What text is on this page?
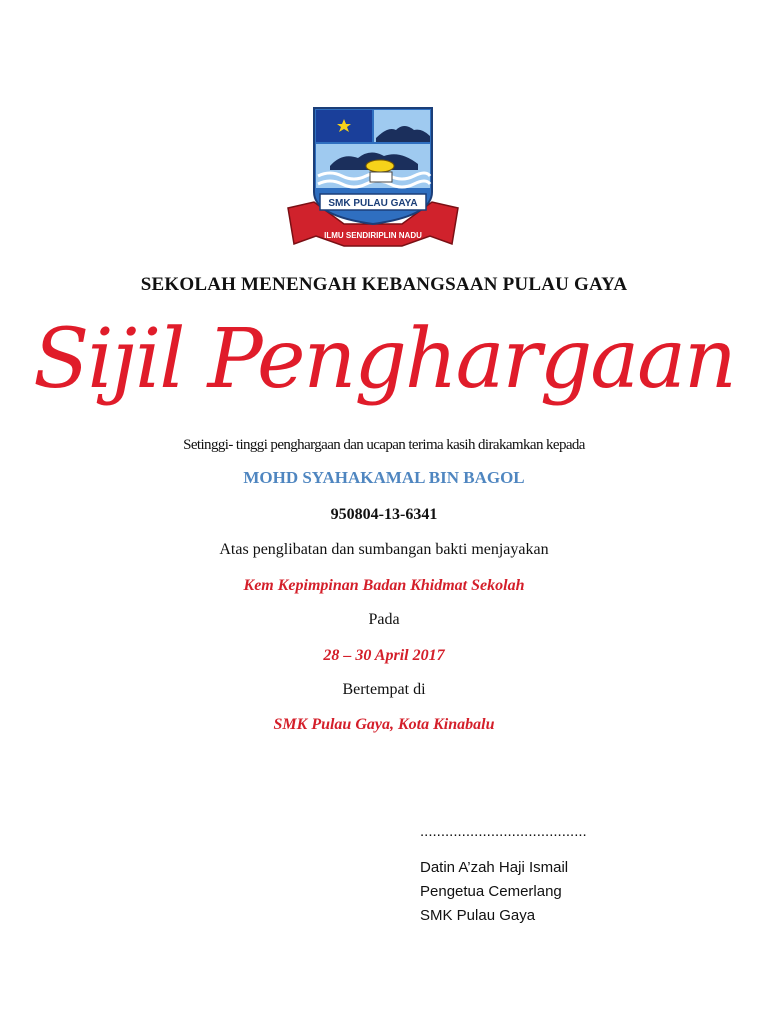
ILMU SENDIRIPLIN NADU
SMK PULAU GAYA
SEKOLAH MENENGAH KEBANGSAAN PULAU GAYA
Sijil Penghargaan
Setinggi- tinggi penghargaan dan ucapan terima kasih dirakamkan kepada
MOHD SYAHAKAMAL BIN BAGOL
950804-13-6341
Atas penglibatan dan sumbangan bakti menjayakan
Kem Kepimpinan Badan Khidmat Sekolah
Pada
28 – 30 April 2017
Bertempat di
SMK Pulau Gaya, Kota Kinabalu
........................................
Datin A’zah Haji Ismail
Pengetua Cemerlang
SMK Pulau Gaya
